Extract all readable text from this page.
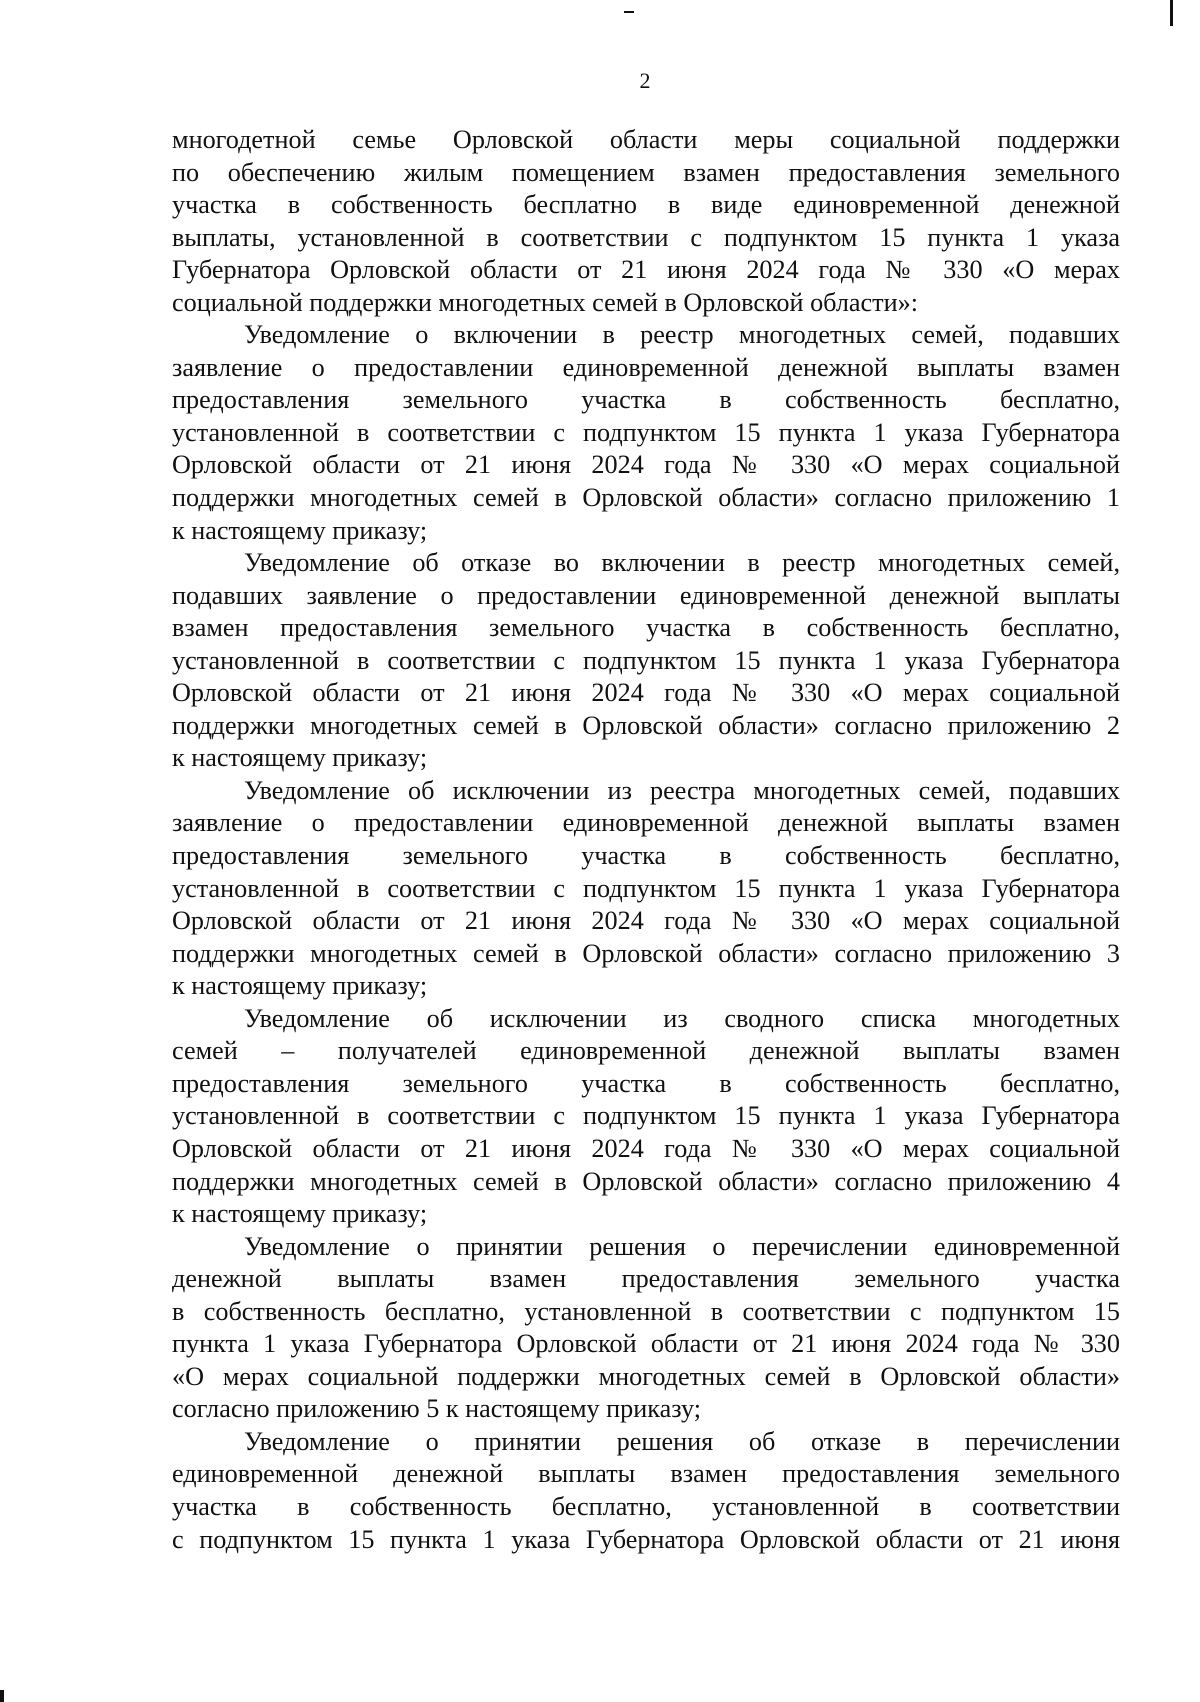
2
многодетной семье Орловской области меры социальной поддержки
по обеспечению жилым помещением взамен предоставления земельного
участка в собственность бесплатно в виде единовременной денежной
выплаты, установленной в соответствии с подпунктом 15 пункта 1 указа
Губернатора Орловской области от 21 июня 2024 года № 330 «О мерах
социальной поддержки многодетных семей в Орловской области»:
Уведомление о включении в реестр многодетных семей, подавших
заявление о предоставлении единовременной денежной выплаты взамен
предоставления земельного участка в собственность бесплатно,
установленной в соответствии с подпунктом 15 пункта 1 указа Губернатора
Орловской области от 21 июня 2024 года № 330 «О мерах социальной
поддержки многодетных семей в Орловской области» согласно приложению 1
к настоящему приказу;
Уведомление об отказе во включении в реестр многодетных семей,
подавших заявление о предоставлении единовременной денежной выплаты
взамен предоставления земельного участка в собственность бесплатно,
установленной в соответствии с подпунктом 15 пункта 1 указа Губернатора
Орловской области от 21 июня 2024 года № 330 «О мерах социальной
поддержки многодетных семей в Орловской области» согласно приложению 2
к настоящему приказу;
Уведомление об исключении из реестра многодетных семей, подавших
заявление о предоставлении единовременной денежной выплаты взамен
предоставления земельного участка в собственность бесплатно,
установленной в соответствии с подпунктом 15 пункта 1 указа Губернатора
Орловской области от 21 июня 2024 года № 330 «О мерах социальной
поддержки многодетных семей в Орловской области» согласно приложению 3
к настоящему приказу;
Уведомление об исключении из сводного списка многодетных
семей – получателей единовременной денежной выплаты взамен
предоставления земельного участка в собственность бесплатно,
установленной в соответствии с подпунктом 15 пункта 1 указа Губернатора
Орловской области от 21 июня 2024 года № 330 «О мерах социальной
поддержки многодетных семей в Орловской области» согласно приложению 4
к настоящему приказу;
Уведомление о принятии решения о перечислении единовременной
денежной выплаты взамен предоставления земельного участка
в собственность бесплатно, установленной в соответствии с подпунктом 15
пункта 1 указа Губернатора Орловской области от 21 июня 2024 года № 330
«О мерах социальной поддержки многодетных семей в Орловской области»
согласно приложению 5 к настоящему приказу;
Уведомление о принятии решения об отказе в перечислении
единовременной денежной выплаты взамен предоставления земельного
участка в собственность бесплатно, установленной в соответствии
с подпунктом 15 пункта 1 указа Губернатора Орловской области от 21 июня
